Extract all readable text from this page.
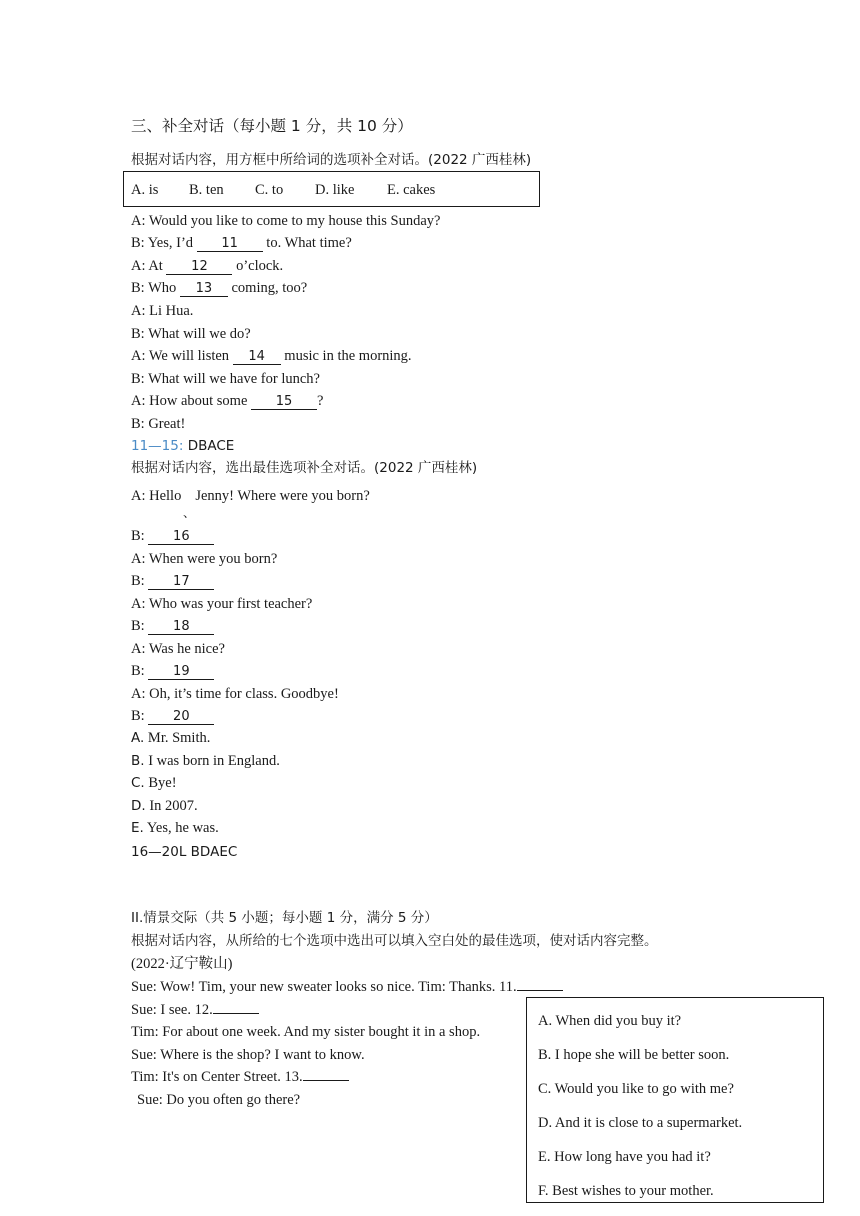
三、补全对话（每小题 1 分，共 10 分）
根据对话内容，用方框中所给词的选项补全对话。(2022 广西桂林)
A. is B. ten C. to D. like E. cakes
A: Would you like to come to my house this Sunday?
B: Yes, I’d 11 to. What time?
A: At 12 o’clock.
B: Who 13 coming, too?
A: Li Hua.
B: What will we do?
A: We will listen 14 music in the morning.
B: What will we have for lunch?
A: How about some 15 ?
B: Great!
11—15: DBACE
根据对话内容，选出最佳选项补全对话。(2022 广西桂林)
A: Hello Jenny! Where were you born?
、
B: 16
A: When were you born?
B: 17
A: Who was your first teacher?
B: 18
A: Was he nice?
B: 19
A: Oh, it’s time for class. Goodbye!
B: 20
A. Mr. Smith.
B. I was born in England.
C. Bye!
D. In 2007.
E. Yes, he was.
16—20L BDAEC
II.情景交际（共 5 小题；每小题 1 分，满分 5 分）
根据对话内容，从所给的七个选项中选出可以填入空白处的最佳选项，使对话内容完整。
(2022·辽宁鞍山)
Sue: Wow! Tim, your new sweater looks so nice. Tim: Thanks. 11.
Sue: I see. 12.
Tim: For about one week. And my sister bought it in a shop.
Sue: Where is the shop? I want to know.
Tim: It's on Center Street. 13.
Sue: Do you often go there?
A. When did you buy it?
B. I hope she will be better soon.
C. Would you like to go with me?
D. And it is close to a supermarket.
E. How long have you had it?
F. Best wishes to your mother.
